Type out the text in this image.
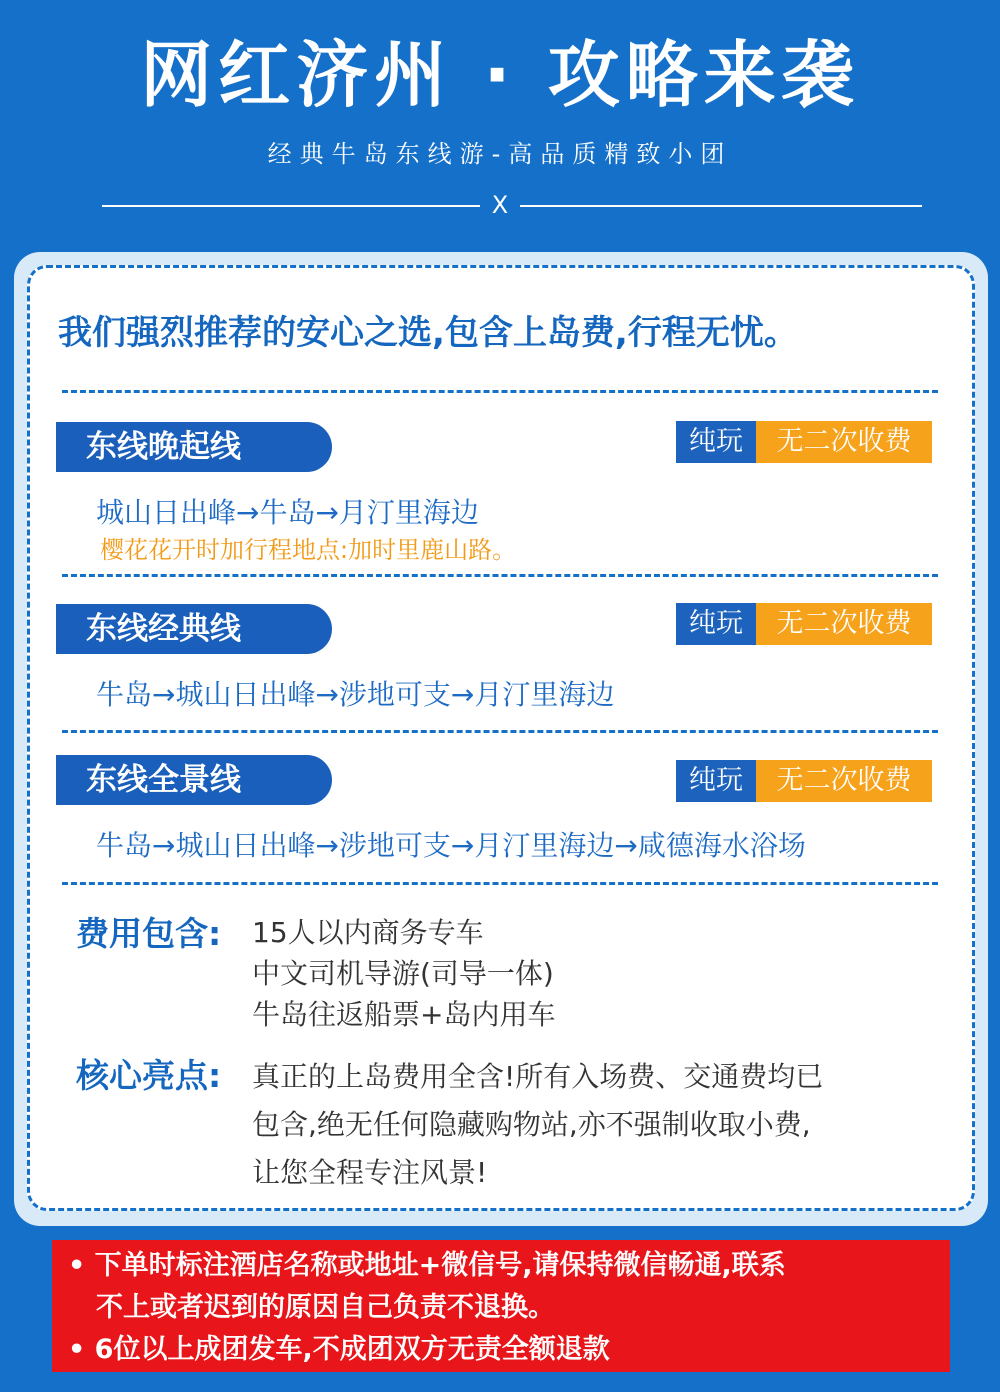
网红济州 · 攻略来袭
经典牛岛东线游-高品质精致小团
X
我们强烈推荐的安心之选,包含上岛费,行程无忧。
东线晚起线	纯玩	无二次收费
城山日出峰→牛岛→月汀里海边
樱花花开时加行程地点:加时里鹿山路。
东线经典线	纯玩	无二次收费
牛岛→城山日出峰→涉地可支→月汀里海边
东线全景线	纯玩	无二次收费
牛岛→城山日出峰→涉地可支→月汀里海边→咸德海水浴场
费用包含: 15人以内商务专车
中文司机导游(司导一体)
牛岛往返船票+岛内用车
核心亮点: 真正的上岛费用全含!所有入场费、交通费均已
包含,绝无任何隐藏购物站,亦不强制收取小费,
让您全程专注风景!
• 下单时标注酒店名称或地址+微信号,请保持微信畅通,联系
不上或者迟到的原因自己负责不退换。
• 6位以上成团发车,不成团双方无责全额退款
